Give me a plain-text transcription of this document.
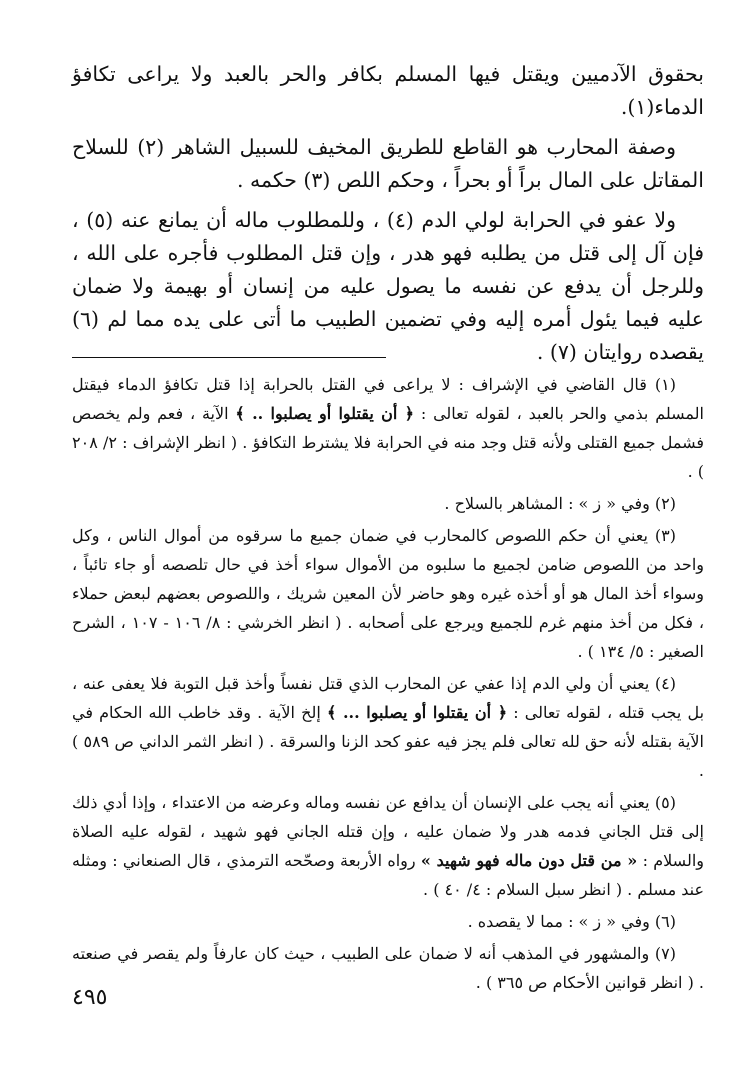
بحقوق الآدميين ويقتل فيها المسلم بكافر والحر بالعبد ولا يراعى تكافؤ الدماء(١).

وصفة المحارب هو القاطع للطريق المخيف للسبيل الشاهر (٢) للسلاح المقاتل على المال براً أو بحراً ، وحكم اللص (٣) حكمه .

ولا عفو في الحرابة لولي الدم (٤) ، وللمطلوب ماله أن يمانع عنه (٥) ، فإن آل إلى قتل من يطلبه فهو هدر ، وإن قتل المطلوب فأجره على الله ، وللرجل أن يدفع عن نفسه ما يصول عليه من إنسان أو بهيمة ولا ضمان عليه فيما يئول أمره إليه وفي تضمين الطبيب ما أتى على يده مما لم (٦) يقصده روايتان (٧) .

(١) قال القاضي في الإشراف : لا يراعى في القتل بالحرابة إذا قتل تكافؤ الدماء فيقتل المسلم بذمي والحر بالعبد ، لقوله تعالى : ﴿ أن يقتلوا أو يصلبوا .. ﴾ الآية ، فعم ولم يخصص فشمل جميع القتلى ولأنه قتل وجد منه في الحرابة فلا يشترط التكافؤ . ( انظر الإشراف : ٢/ ٢٠٨ ) .

(٢) وفي « ز » : المشاهر بالسلاح .

(٣) يعني أن حكم اللصوص كالمحارب في ضمان جميع ما سرقوه من أموال الناس ، وكل واحد من اللصوص ضامن لجميع ما سلبوه من الأموال سواء أخذ في حال تلصصه أو جاء تائباً ، وسواء أخذ المال هو أو أخذه غيره وهو حاضر لأن المعين شريك ، واللصوص بعضهم لبعض حملاء ، فكل من أخذ منهم غرم للجميع ويرجع على أصحابه . ( انظر الخرشي : ٨/ ١٠٦ - ١٠٧ ، الشرح الصغير : ٥/ ١٣٤ ) .

(٤) يعني أن ولي الدم إذا عفي عن المحارب الذي قتل نفساً وأخذ قبل التوبة فلا يعفى عنه ، بل يجب قتله ، لقوله تعالى : ﴿ أن يقتلوا أو يصلبوا ... ﴾ إلخ الآية . وقد خاطب الله الحكام في الآية بقتله لأنه حق لله تعالى فلم يجز فيه عفو كحد الزنا والسرقة . ( انظر الثمر الداني ص ٥٨٩ ) .

(٥) يعني أنه يجب على الإنسان أن يدافع عن نفسه وماله وعرضه من الاعتداء ، وإذا أدي ذلك إلى قتل الجاني فدمه هدر ولا ضمان عليه ، وإن قتله الجاني فهو شهيد ، لقوله عليه الصلاة والسلام : « من قتل دون ماله فهو شهيد » رواه الأربعة وصحّحه الترمذي ، قال الصنعاني : ومثله عند مسلم . ( انظر سبل السلام : ٤/ ٤٠ ) .

(٦) وفي « ز » : مما لا يقصده .

(٧) والمشهور في المذهب أنه لا ضمان على الطبيب ، حيث كان عارفاً ولم يقصر في صنعته . ( انظر قوانين الأحكام ص ٣٦٥ ) .

٤٩٥
